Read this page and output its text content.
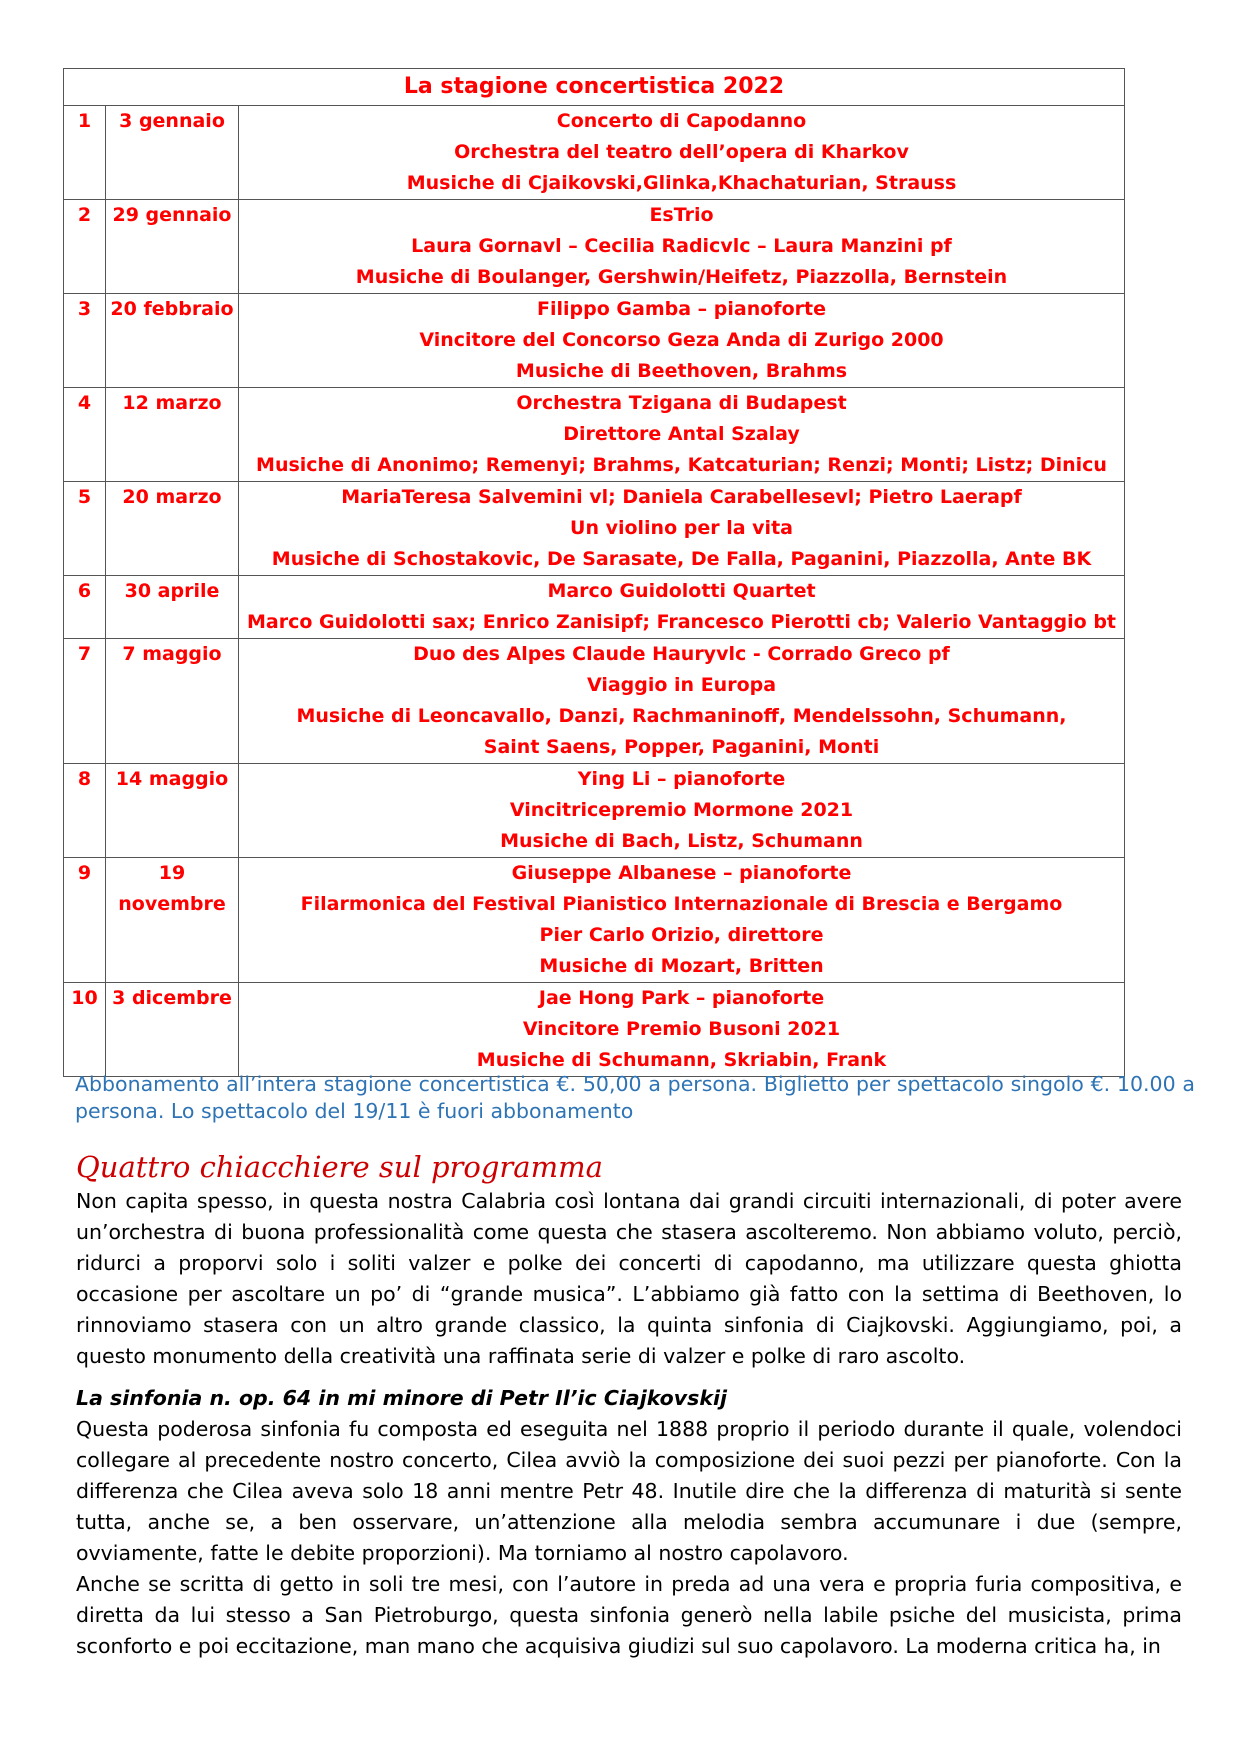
La stagione concertistica 2022		
1	3 gennaio	Concerto di Capodanno
Orchestra del teatro dell’opera di Kharkov
Musiche di Cjaikovski,Glinka,Khachaturian, Strauss

2	29 gennaio	EsTrio
Laura Gornavl – Cecilia Radicvlc – Laura Manzini pf
Musiche di Boulanger, Gershwin/Heifetz, Piazzolla, Bernstein

3	20 febbraio	Filippo Gamba – pianoforte
Vincitore del Concorso Geza Anda di Zurigo 2000
Musiche di Beethoven, Brahms

4	12 marzo	Orchestra Tzigana di Budapest
Direttore Antal Szalay
Musiche di Anonimo; Remenyi; Brahms, Katcaturian; Renzi; Monti; Listz; Dinicu

5	20 marzo	MariaTeresa Salvemini vl; Daniela Carabellesevl; Pietro Laerapf
Un violino per la vita
Musiche di Schostakovic, De Sarasate, De Falla, Paganini, Piazzolla, Ante BK

6	30 aprile	Marco Guidolotti Quartet
Marco Guidolotti sax; Enrico Zanisipf; Francesco Pierotti cb; Valerio Vantaggio bt

7	7 maggio	Duo des Alpes Claude Hauryvlc - Corrado Greco pf
Viaggio in Europa
Musiche di Leoncavallo, Danzi, Rachmaninoff, Mendelssohn, Schumann,
Saint Saens, Popper, Paganini, Monti

8	14 maggio	Ying Li – pianoforte
Vincitricepremio Mormone 2021
Musiche di Bach, Listz, Schumann

9	19 novembre	Giuseppe Albanese – pianoforte
Filarmonica del Festival Pianistico Internazionale di Brescia e Bergamo
Pier Carlo Orizio, direttore
Musiche di Mozart, Britten

10	3 dicembre	Jae Hong Park – pianoforte
Vincitore Premio Busoni 2021
Musiche di Schumann, Skriabin, Frank

Abbonamento all’intera stagione concertistica €. 50,00 a persona. Biglietto per spettacolo singolo €. 10.00 a persona. Lo spettacolo del 19/11 è fuori abbonamento

Quattro chiacchiere sul programma

Non capita spesso, in questa nostra Calabria così lontana dai grandi circuiti internazionali, di poter avere un’orchestra di buona professionalità come questa che stasera ascolteremo. Non abbiamo voluto, perciò, ridurci a proporvi solo i soliti valzer e polke dei concerti di capodanno, ma utilizzare questa ghiotta occasione per ascoltare un po’ di “grande musica”. L’abbiamo già fatto con la settima di Beethoven, lo rinnoviamo stasera con un altro grande classico, la quinta sinfonia di Ciajkovski. Aggiungiamo, poi, a questo monumento della creatività una raffinata serie di valzer e polke di raro ascolto.

La sinfonia n. op. 64 in mi minore di Petr Il’ic Ciajkovskij

Questa poderosa sinfonia fu composta ed eseguita nel 1888 proprio il periodo durante il quale, volendoci collegare al precedente nostro concerto, Cilea avviò la composizione dei suoi pezzi per pianoforte. Con la differenza che Cilea aveva solo 18 anni mentre Petr 48. Inutile dire che la differenza di maturità si sente tutta, anche se, a ben osservare, un’attenzione alla melodia sembra accumunare i due (sempre, ovviamente, fatte le debite proporzioni). Ma torniamo al nostro capolavoro.

Anche se scritta di getto in soli tre mesi, con l’autore in preda ad una vera e propria furia compositiva, e diretta da lui stesso a San Pietroburgo, questa sinfonia generò nella labile psiche del musicista, prima sconforto e poi eccitazione, man mano che acquisiva giudizi sul suo capolavoro. La moderna critica ha, in
